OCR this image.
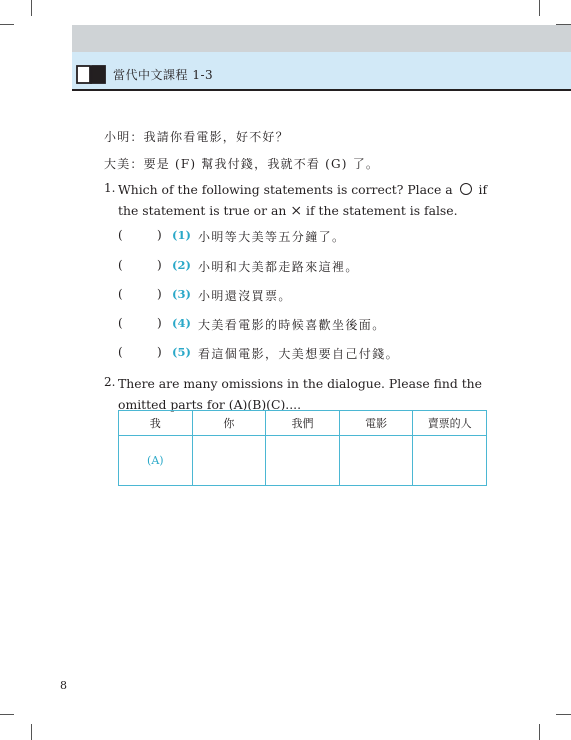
當代中文課程 1-3
小明：我請你看電影，好不好？
大美：要是 (F) 幫我付錢，我就不看 (G) 了。
1. Which of the following statements is correct? Place a if the statement is true or an × if the statement is false.
(	) (1) 小明等大美等五分鐘了。
(	) (2) 小明和大美都走路來這裡。
(	) (3) 小明還沒買票。
(	) (4) 大美看電影的時候喜歡坐後面。
(	) (5) 看這個電影，大美想要自己付錢。
2. There are many omissions in the dialogue. Please find the omitted parts for (A)(B)(C)....
我	你	我們	電影	賣票的人
(A)				
8
